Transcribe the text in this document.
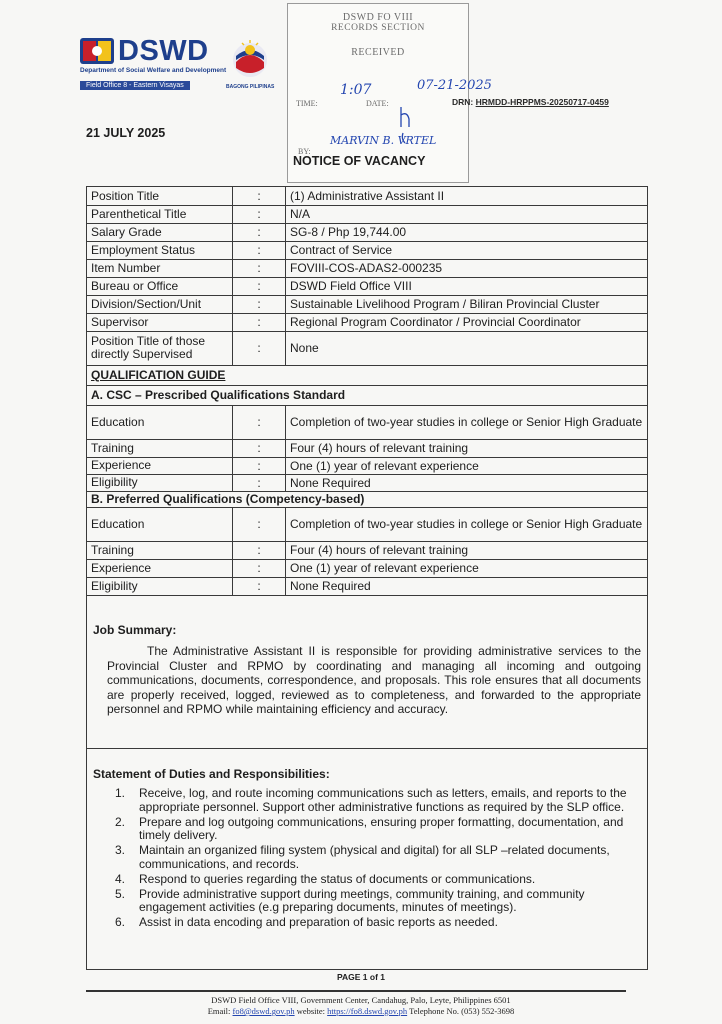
DSWD
Department of Social Welfare and Development
Field Office 8 - Eastern Visayas	BAGONG PILIPINAS
21 JULY 2025
DSWD FO VIII
RECORDS SECTION
RECEIVED
TIME:	DATE:
BY:
1:07	07-21-2025
MARVIN B. VRTEL
DRN: HRMDD-HRPPMS-20250717-0459
NOTICE OF VACANCY
Position Title	:	(1) Administrative Assistant II
Parenthetical Title	:	N/A
Salary Grade	:	SG-8 / Php 19,744.00
Employment Status	:	Contract of Service
Item Number	:	FOVIII-COS-ADAS2-000235
Bureau or Office	:	DSWD Field Office VIII
Division/Section/Unit	:	Sustainable Livelihood Program / Biliran Provincial Cluster
Supervisor	:	Regional Program Coordinator / Provincial Coordinator
Position Title of those directly Supervised	:	None
QUALIFICATION GUIDE
A. CSC – Prescribed Qualifications Standard
Education	:	Completion of two-year studies in college or Senior High Graduate
Training	:	Four (4) hours of relevant training
Experience	:	One (1) year of relevant experience
Eligibility	:	None Required
B. Preferred Qualifications (Competency-based)
Education	:	Completion of two-year studies in college or Senior High Graduate
Training	:	Four (4) hours of relevant training
Experience	:	One (1) year of relevant experience
Eligibility	:	None Required
Job Summary:

The Administrative Assistant II is responsible for providing administrative services to the Provincial Cluster and RPMO by coordinating and managing all incoming and outgoing communications, documents, correspondence, and proposals. This role ensures that all documents are properly received, logged, reviewed as to completeness, and forwarded to the appropriate personnel and RPMO while maintaining efficiency and accuracy.

Statement of Duties and Responsibilities:
1. Receive, log, and route incoming communications such as letters, emails, and reports to the appropriate personnel. Support other administrative functions as required by the SLP office.
2. Prepare and log outgoing communications, ensuring proper formatting, documentation, and timely delivery.
3. Maintain an organized filing system (physical and digital) for all SLP –related documents, communications, and records.
4. Respond to queries regarding the status of documents or communications.
5. Provide administrative support during meetings, community training, and community engagement activities (e.g preparing documents, minutes of meetings).
6. Assist in data encoding and preparation of basic reports as needed.
PAGE 1 of 1
DSWD Field Office VIII, Government Center, Candahug, Palo, Leyte, Philippines 6501
Email: fo8@dswd.gov.ph website: https://fo8.dswd.gov.ph Telephone No. (053) 552-3698
